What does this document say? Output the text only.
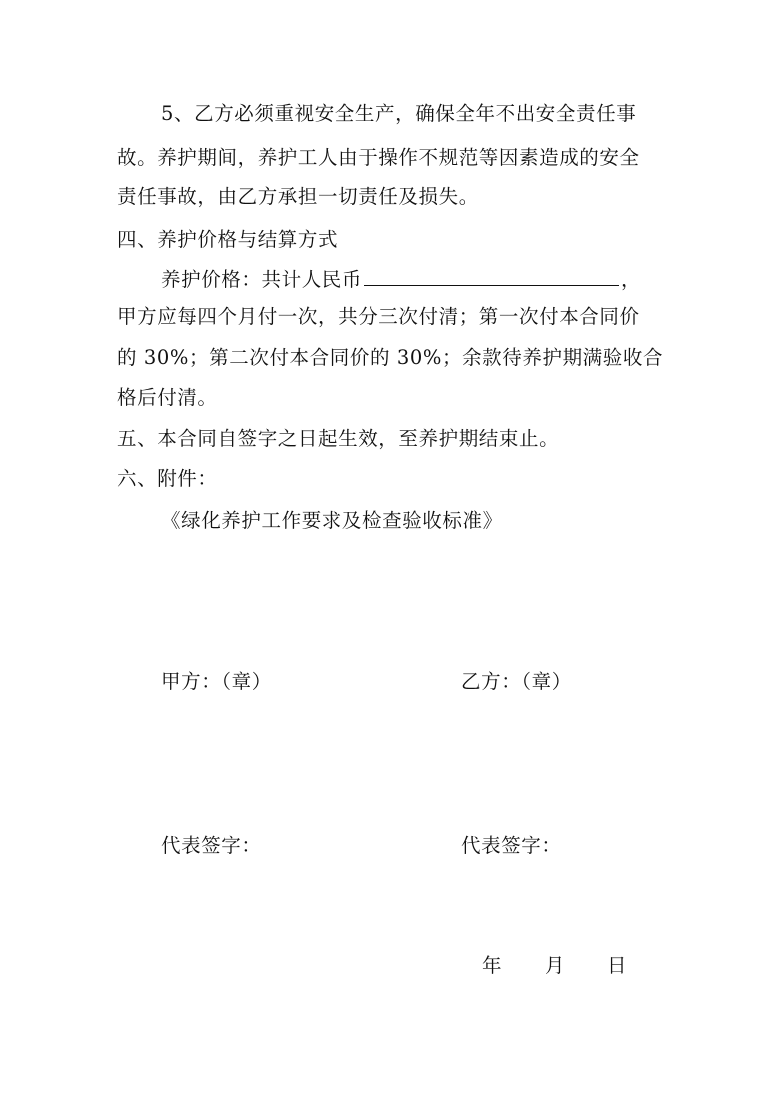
5、乙方必须重视安全生产，确保全年不出安全责任事
故。养护期间，养护工人由于操作不规范等因素造成的安全
责任事故，由乙方承担一切责任及损失。
四、养护价格与结算方式
养护价格：共计人民币	，
甲方应每四个月付一次，共分三次付清；第一次付本合同价
的 30%；第二次付本合同价的 30%；余款待养护期满验收合
格后付清。
五、本合同自签字之日起生效，至养护期结束止。
六、附件：
《绿化养护工作要求及检查验收标准》
甲方：（章）	乙方：（章）
代表签字：	代表签字：
年 月 日
